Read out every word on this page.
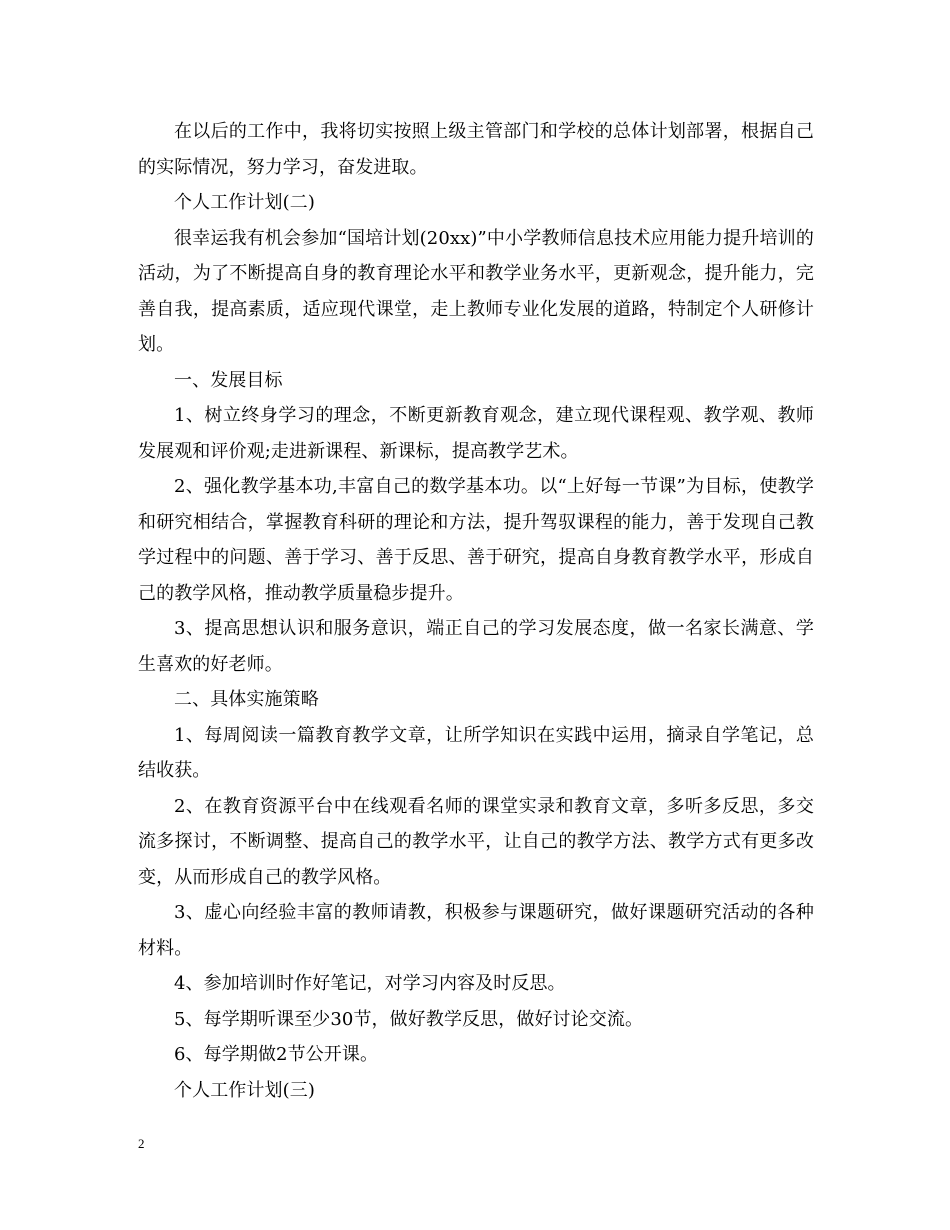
在以后的工作中，我将切实按照上级主管部门和学校的总体计划部署，根据自己的实际情况，努力学习，奋发进取。

个人工作计划(二)

很幸运我有机会参加“国培计划(20xx)”中小学教师信息技术应用能力提升培训的活动，为了不断提高自身的教育理论水平和教学业务水平，更新观念，提升能力，完善自我，提高素质，适应现代课堂，走上教师专业化发展的道路，特制定个人研修计划。

一、发展目标

1、树立终身学习的理念，不断更新教育观念，建立现代课程观、教学观、教师发展观和评价观;走进新课程、新课标，提高教学艺术。

2、强化教学基本功,丰富自己的数学基本功。以“上好每一节课”为目标，使教学和研究相结合，掌握教育科研的理论和方法，提升驾驭课程的能力，善于发现自己教学过程中的问题、善于学习、善于反思、善于研究，提高自身教育教学水平，形成自己的教学风格，推动教学质量稳步提升。

3、提高思想认识和服务意识，端正自己的学习发展态度，做一名家长满意、学生喜欢的好老师。

二、具体实施策略

1、每周阅读一篇教育教学文章，让所学知识在实践中运用，摘录自学笔记，总结收获。

2、在教育资源平台中在线观看名师的课堂实录和教育文章，多听多反思，多交流多探讨，不断调整、提高自己的教学水平，让自己的教学方法、教学方式有更多改变，从而形成自己的教学风格。

3、虚心向经验丰富的教师请教，积极参与课题研究，做好课题研究活动的各种材料。

4、参加培训时作好笔记，对学习内容及时反思。

5、每学期听课至少30节，做好教学反思，做好讨论交流。

6、每学期做2节公开课。

个人工作计划(三)

2
